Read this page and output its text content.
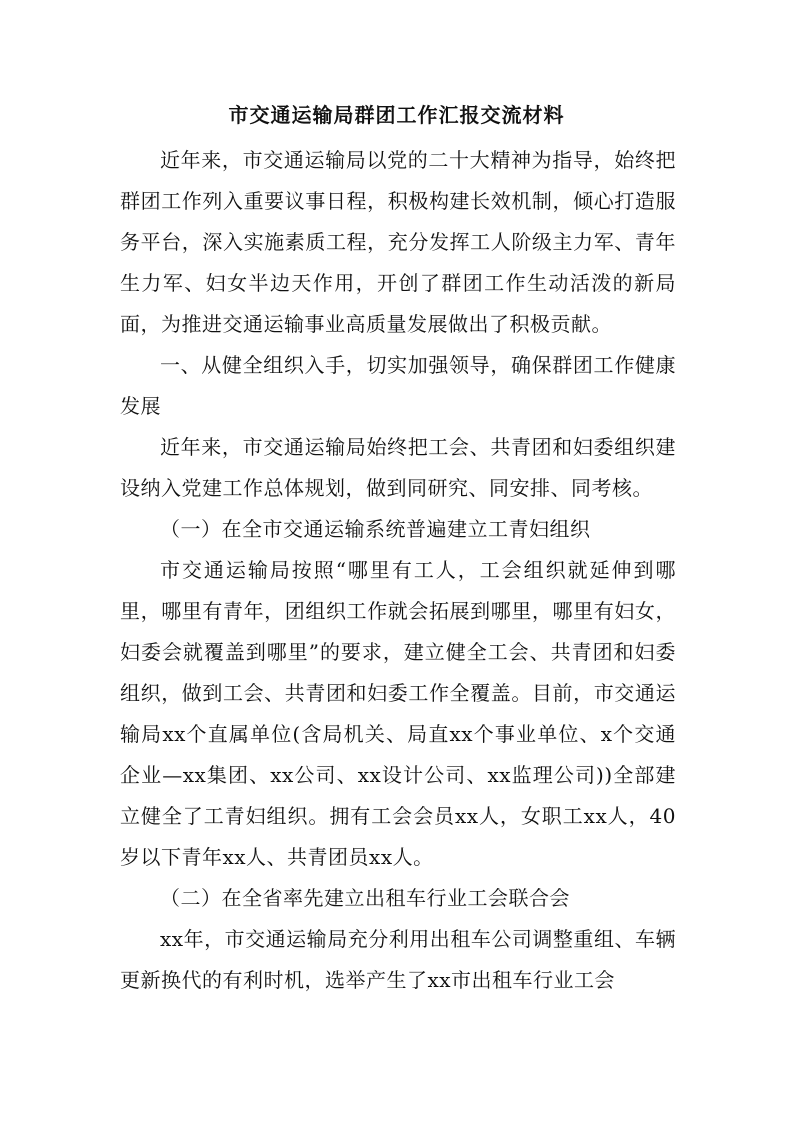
市交通运输局群团工作汇报交流材料

近年来，市交通运输局以党的二十大精神为指导，始终把群团工作列入重要议事日程，积极构建长效机制，倾心打造服务平台，深入实施素质工程，充分发挥工人阶级主力军、青年生力军、妇女半边天作用，开创了群团工作生动活泼的新局面，为推进交通运输事业高质量发展做出了积极贡献。

一、从健全组织入手，切实加强领导，确保群团工作健康发展

近年来，市交通运输局始终把工会、共青团和妇委组织建设纳入党建工作总体规划，做到同研究、同安排、同考核。

（一）在全市交通运输系统普遍建立工青妇组织

市交通运输局按照“哪里有工人，工会组织就延伸到哪里，哪里有青年，团组织工作就会拓展到哪里，哪里有妇女，妇委会就覆盖到哪里”的要求，建立健全工会、共青团和妇委组织，做到工会、共青团和妇委工作全覆盖。目前，市交通运输局xx个直属单位(含局机关、局直xx个事业单位、x个交通企业—xx集团、xx公司、xx设计公司、xx监理公司))全部建立健全了工青妇组织。拥有工会会员xx人，女职工xx人，40岁以下青年xx人、共青团员xx人。

（二）在全省率先建立出租车行业工会联合会

xx年，市交通运输局充分利用出租车公司调整重组、车辆更新换代的有利时机，选举产生了xx市出租车行业工会
